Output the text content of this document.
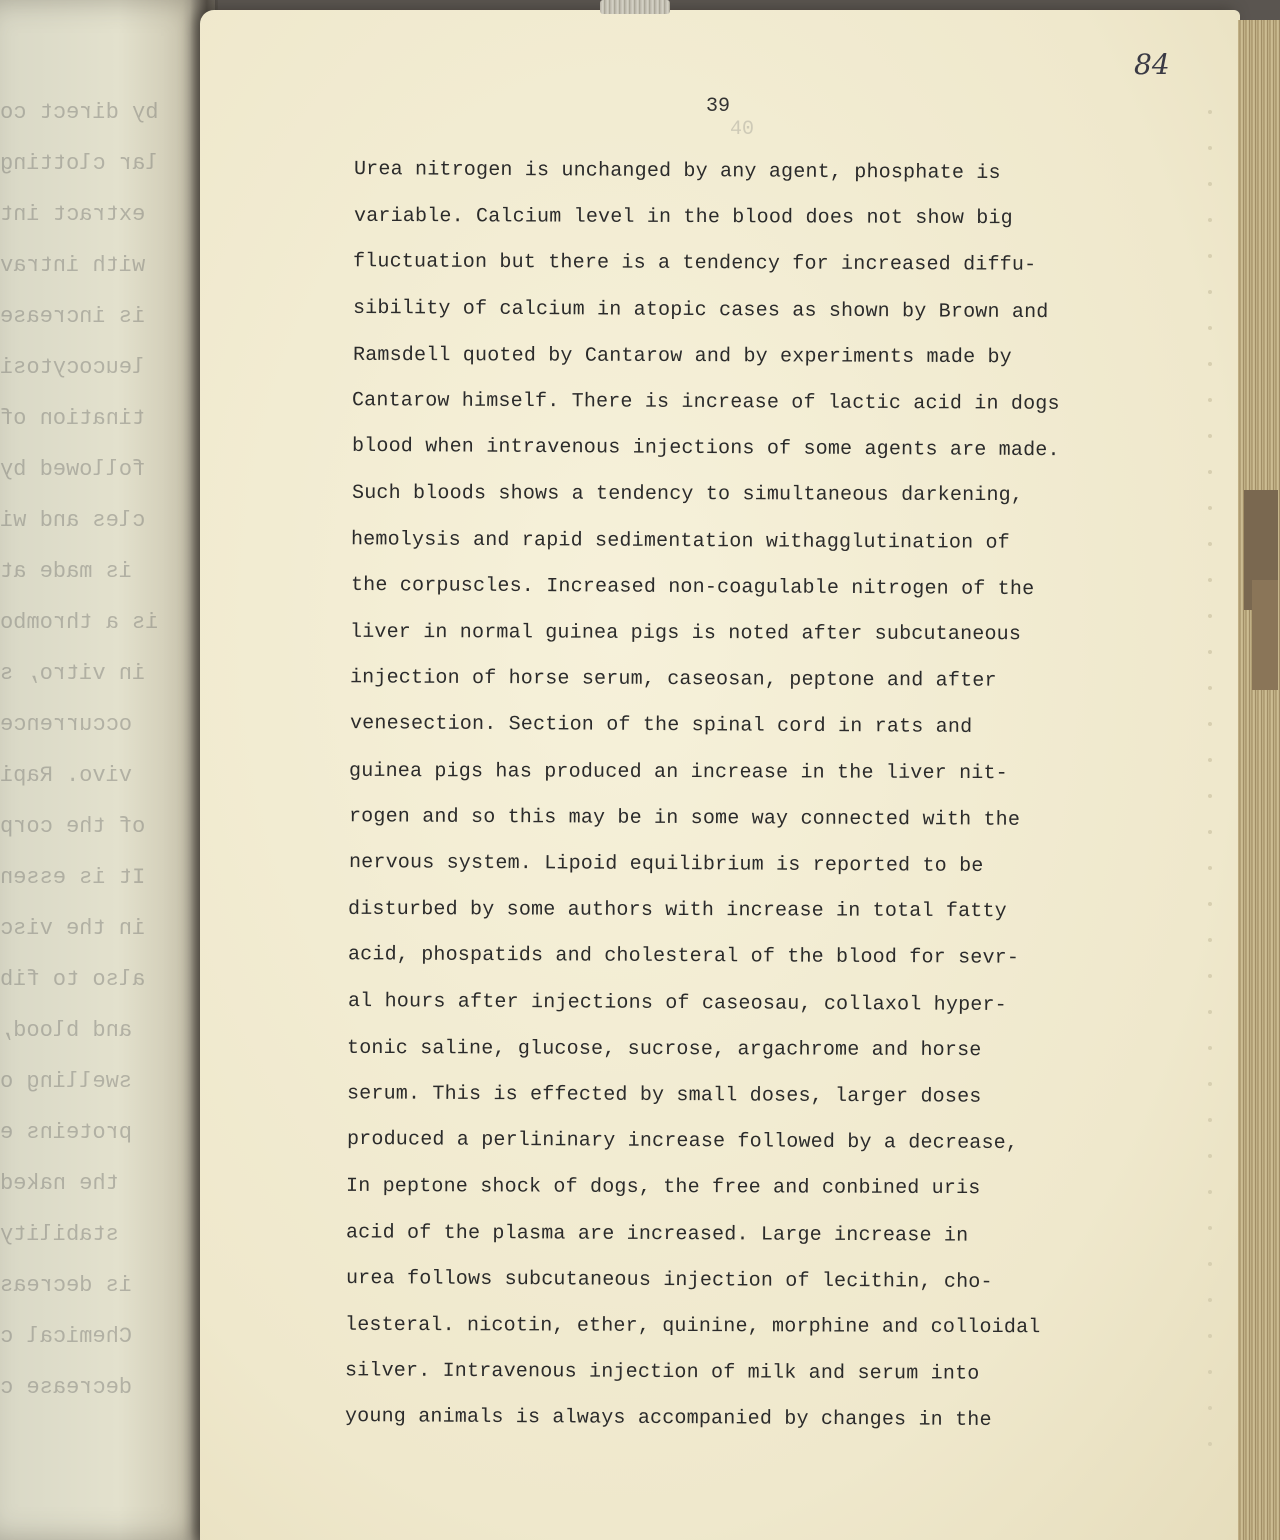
by direct co
lar clotting
extract int
with intrav
is increase
leucocytosi
tination of
followed by
cles and wi
is made at
is a thrombo
in vitro, s
occurrence
vivo. Rapi
of the corp
It is essen
in the visc
also to fib
and blood,
swelling o
proteins e
the naked
stability
is decreas
Chemical c
decrease c
84
40
39
Urea nitrogen is unchanged by any agent, phosphate is
variable. Calcium level in the blood does not show big
fluctuation but there is a tendency for increased diffu-
sibility of calcium in atopic cases as shown by Brown and
Ramsdell quoted by Cantarow and by experiments made by
Cantarow himself. There is increase of lactic acid in dogs
blood when intravenous injections of some agents are made.
Such bloods shows a tendency to simultaneous darkening,
hemolysis and rapid sedimentation withagglutination of
the corpuscles. Increased non-coagulable nitrogen of the
liver in normal guinea pigs is noted after subcutaneous
injection of horse serum, caseosan, peptone and after
venesection. Section of the spinal cord in rats and
guinea pigs has produced an increase in the liver nit-
rogen and so this may be in some way connected with the
nervous system. Lipoid equilibrium is reported to be
disturbed by some authors with increase in total fatty
acid, phospatids and cholesteral of the blood for sevr-
al hours after injections of caseosau, collaxol hyper-
tonic saline, glucose, sucrose, argachrome and horse
serum. This is effected by small doses, larger doses
produced a perlininary increase followed by a decrease,
In peptone shock of dogs, the free and conbined uris
acid of the plasma are increased. Large increase in
urea follows subcutaneous injection of lecithin, cho-
lesteral. nicotin, ether, quinine, morphine and colloidal
silver. Intravenous injection of milk and serum into
young animals is always accompanied by changes in the
